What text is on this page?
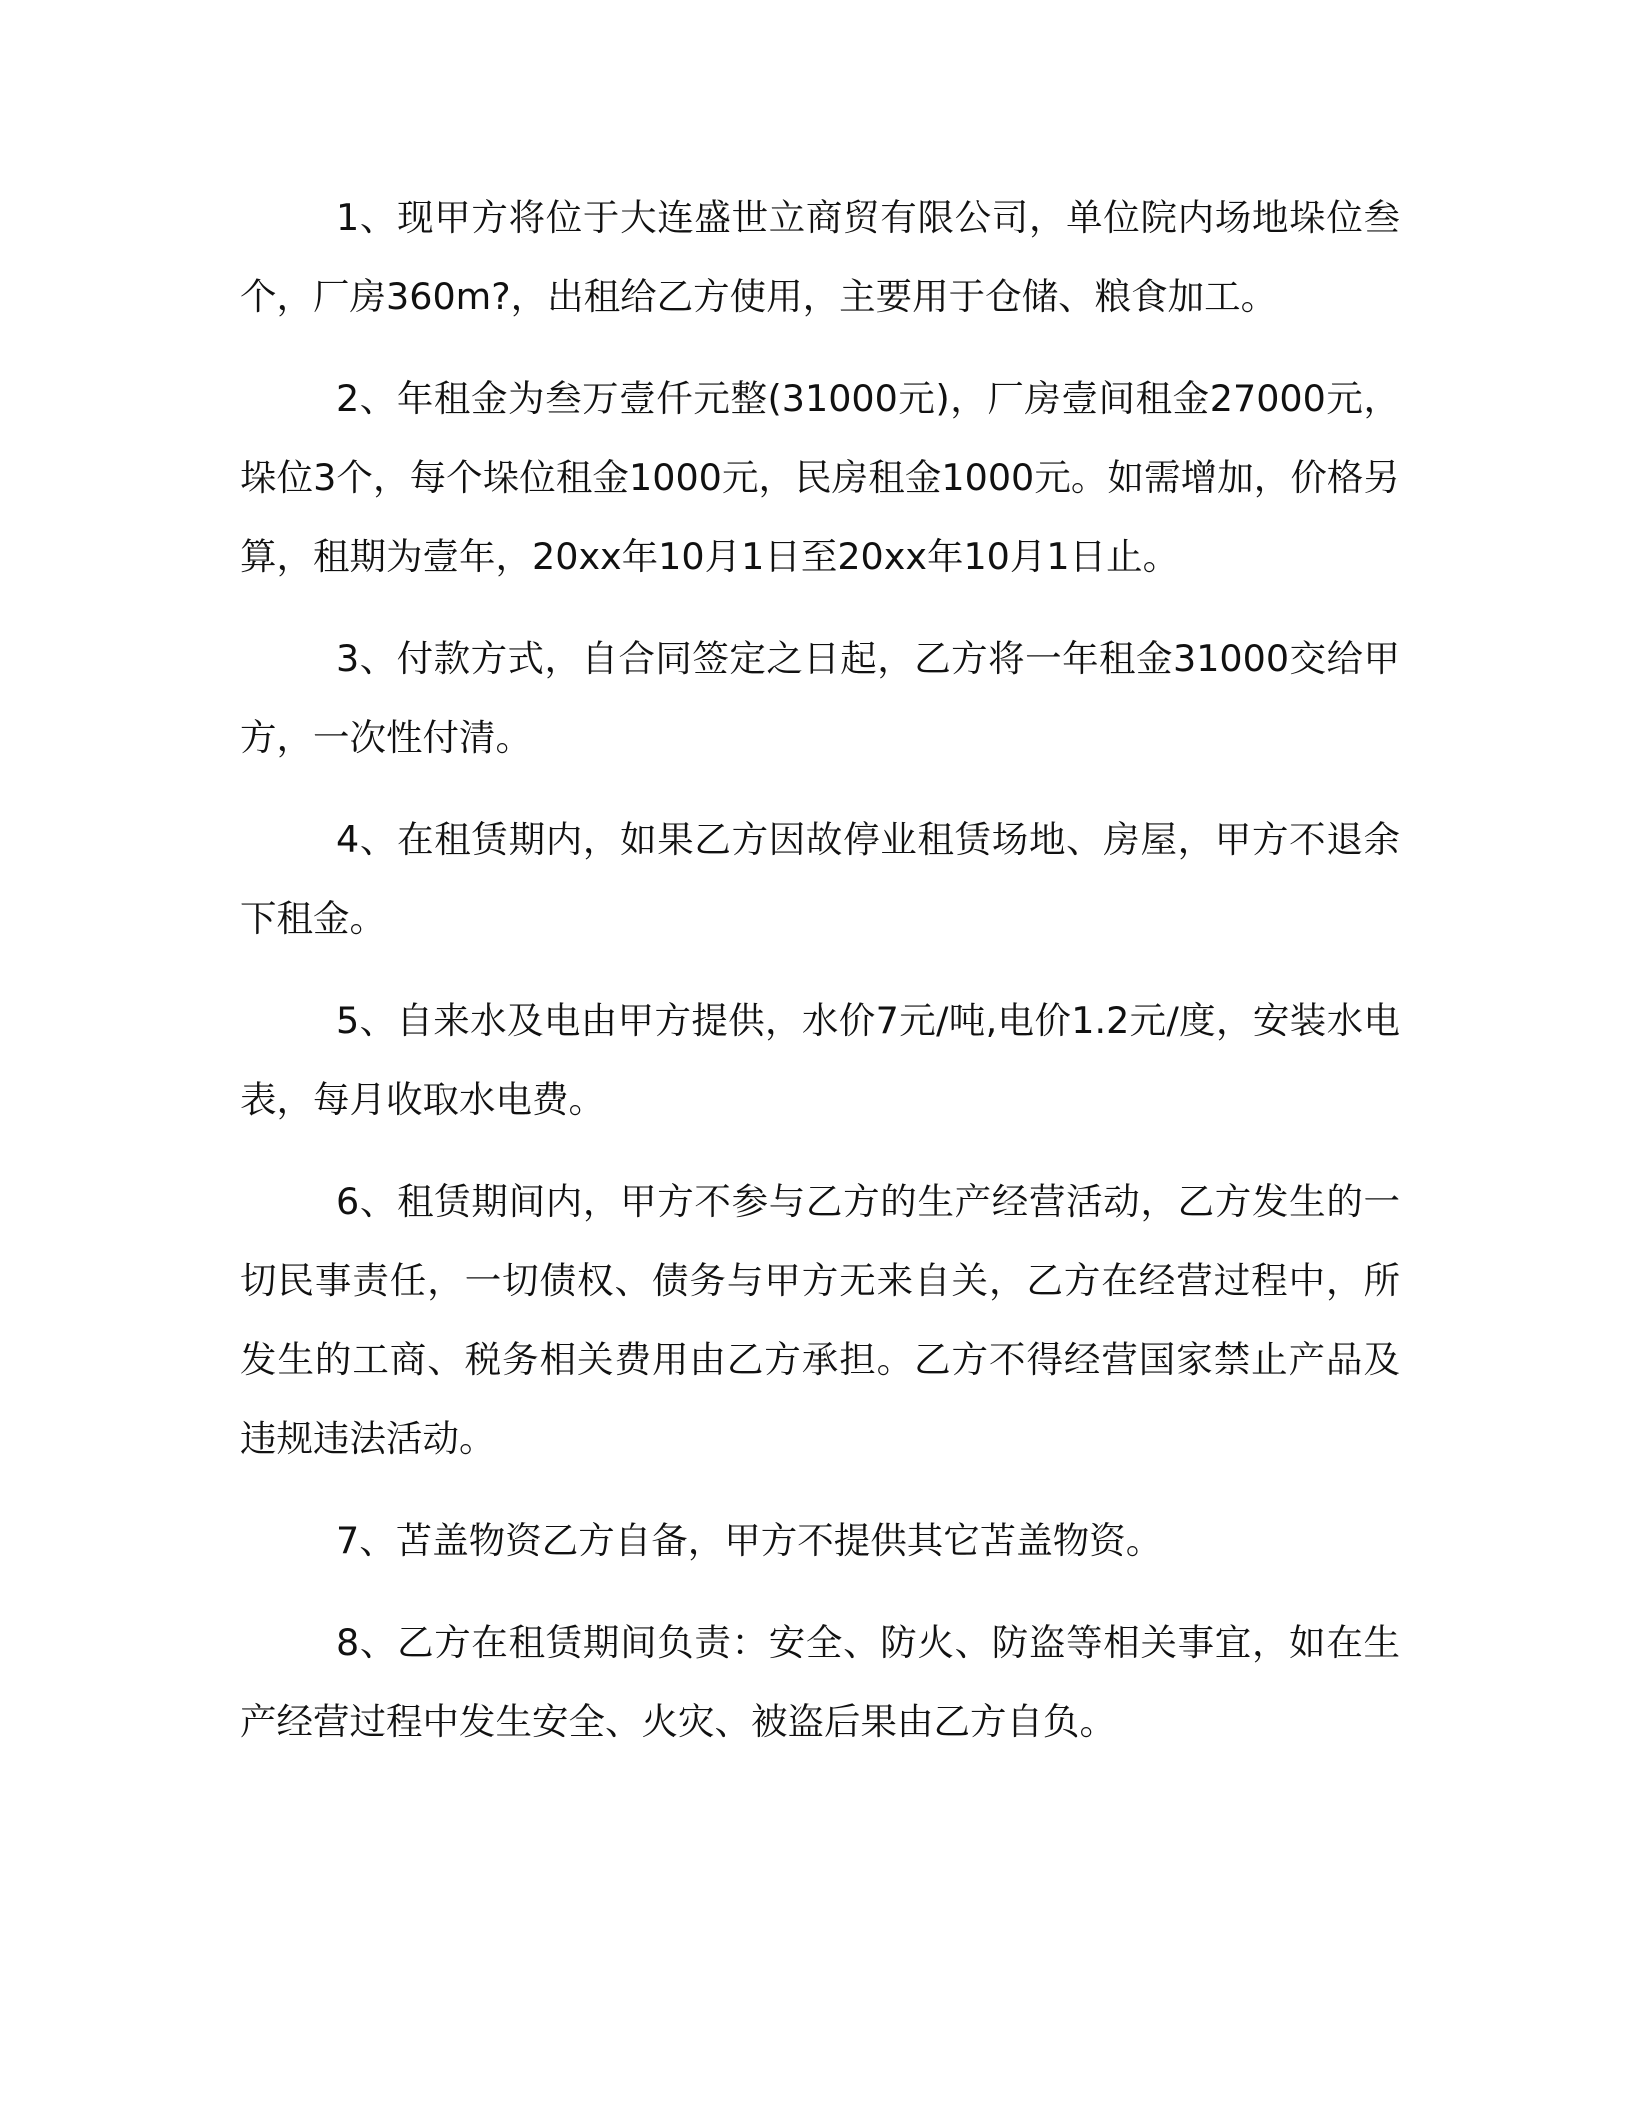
1、现甲方将位于大连盛世立商贸有限公司，单位院内场地垛位叁个，厂房360m?，出租给乙方使用，主要用于仓储、粮食加工。

2、年租金为叁万壹仟元整(31000元)，厂房壹间租金27000元，垛位3个，每个垛位租金1000元，民房租金1000元。如需增加，价格另算，租期为壹年，20xx年10月1日至20xx年10月1日止。

3、付款方式，自合同签定之日起，乙方将一年租金31000交给甲方，一次性付清。

4、在租赁期内，如果乙方因故停业租赁场地、房屋，甲方不退余下租金。

5、自来水及电由甲方提供，水价7元/吨,电价1.2元/度，安装水电表，每月收取水电费。

6、租赁期间内，甲方不参与乙方的生产经营活动，乙方发生的一切民事责任，一切债权、债务与甲方无来自关，乙方在经营过程中，所发生的工商、税务相关费用由乙方承担。乙方不得经营国家禁止产品及违规违法活动。

7、苫盖物资乙方自备，甲方不提供其它苫盖物资。

8、乙方在租赁期间负责：安全、防火、防盗等相关事宜，如在生产经营过程中发生安全、火灾、被盗后果由乙方自负。
